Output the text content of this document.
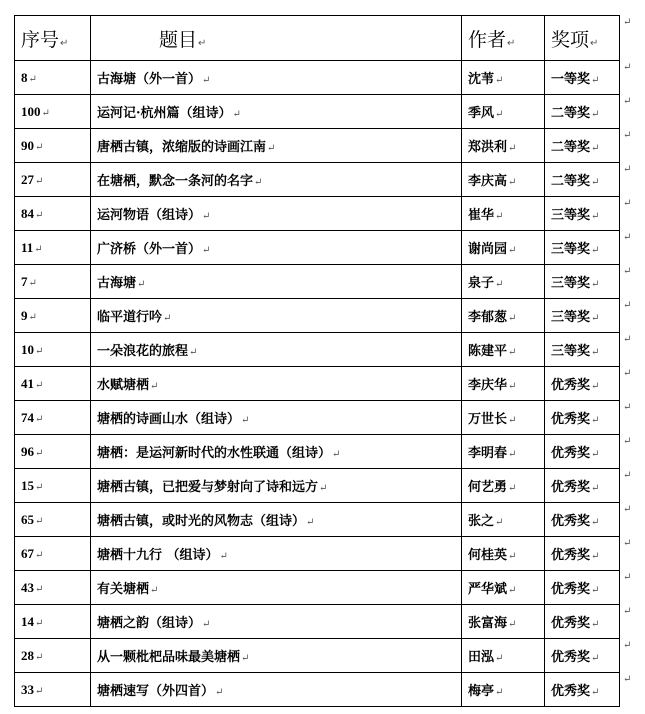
序号↵	题目↵	作者↵	奖项↵
8↵	古海塘（外一首）↵	沈苇↵	一等奖↵
100↵	运河记·杭州篇（组诗）↵	季风↵	二等奖↵
90↵	唐栖古镇，浓缩版的诗画江南↵	郑洪利↵	二等奖↵
27↵	在塘栖，默念一条河的名字↵	李庆高↵	二等奖↵
84↵	运河物语（组诗）↵	崔华↵	三等奖↵
11↵	广济桥（外一首）↵	谢尚园↵	三等奖↵
7↵	古海塘↵	泉子↵	三等奖↵
9↵	临平道行吟↵	李郁葱↵	三等奖↵
10↵	一朵浪花的旅程↵	陈建平↵	三等奖↵
41↵	水赋塘栖↵	李庆华↵	优秀奖↵
74↵	塘栖的诗画山水（组诗）↵	万世长↵	优秀奖↵
96↵	塘栖：是运河新时代的水性联通（组诗）↵	李明春↵	优秀奖↵
15↵	塘栖古镇，已把爱与梦射向了诗和远方↵	何艺勇↵	优秀奖↵
65↵	塘栖古镇，或时光的风物志（组诗）↵	张之↵	优秀奖↵
67↵	塘栖十九行 （组诗）↵	何桂英↵	优秀奖↵
43↵	有关塘栖↵	严华斌↵	优秀奖↵
14↵	塘栖之韵（组诗）↵	张富海↵	优秀奖↵
28↵	从一颗枇杷品味最美塘栖↵	田泓↵	优秀奖↵
33↵	塘栖速写（外四首）↵	梅亭↵	优秀奖↵
↵
↵
↵
↵
↵
↵
↵
↵
↵
↵
↵
↵
↵
↵
↵
↵
↵
↵
↵
↵
